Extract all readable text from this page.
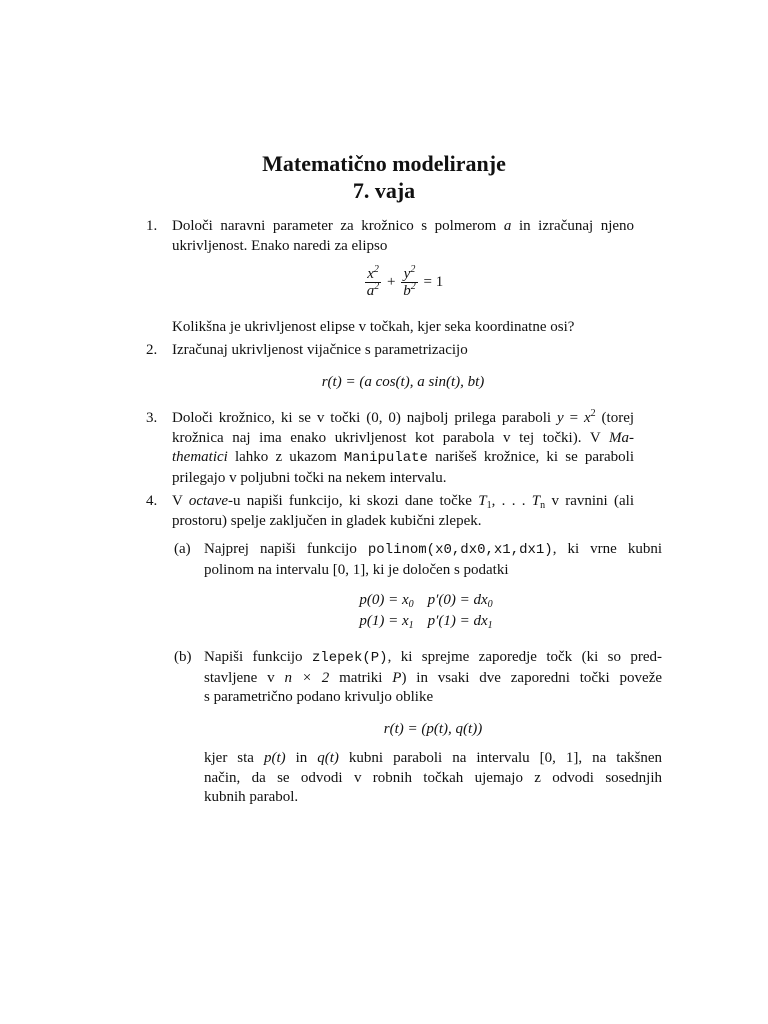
Matematično modeliranje
7. vaja
1. Določi naravni parameter za krožnico s polmerom a in izračunaj njeno
ukrivljenost. Enako naredi za elipso
$\frac{x^2}{a^2} + \frac{y^2}{b^2} = 1$
Kolikšna je ukrivljenost elipse v točkah, kjer seka koordinatne osi?
2. Izračunaj ukrivljenost vijačnice s parametrizacijo
r(t) = (a cos(t), a sin(t), bt)
3. Določi krožnico, ki se v točki (0, 0) najbolj prilega paraboli $y = x^2$ (torej
krožnica naj ima enako ukrivljenost kot parabola v tej točki). V Ma-
thematici lahko z ukazom Manipulate narišeš krožnice, ki se paraboli
prilegajo v poljubni točki na nekem intervalu.
4. V octave-u napiši funkcijo, ki skozi dane točke $T_1$, . . . $T_n$ v ravnini (ali
prostoru) spelje zaključen in gladek kubični zlepek.
(a) Najprej napiši funkcijo polinom(x0,dx0,x1,dx1), ki vrne kubni
polinom na intervalu [0, 1], ki je določen s podatki
$p(0) = x_0$	$p'(0) = dx_0$
$p(1) = x_1$	$p'(1) = dx_1$
(b) Napiši funkcijo zlepek(P), ki sprejme zaporedje točk (ki so pred-
stavljene v n × 2 matriki P) in vsaki dve zaporedni točki poveže
s parametrično podano krivuljo oblike
r(t) = (p(t), q(t))
kjer sta p(t) in q(t) kubni paraboli na intervalu [0, 1], na takšnen
način, da se odvodi v robnih točkah ujemajo z odvodi sosednjih
kubnih parabol.
